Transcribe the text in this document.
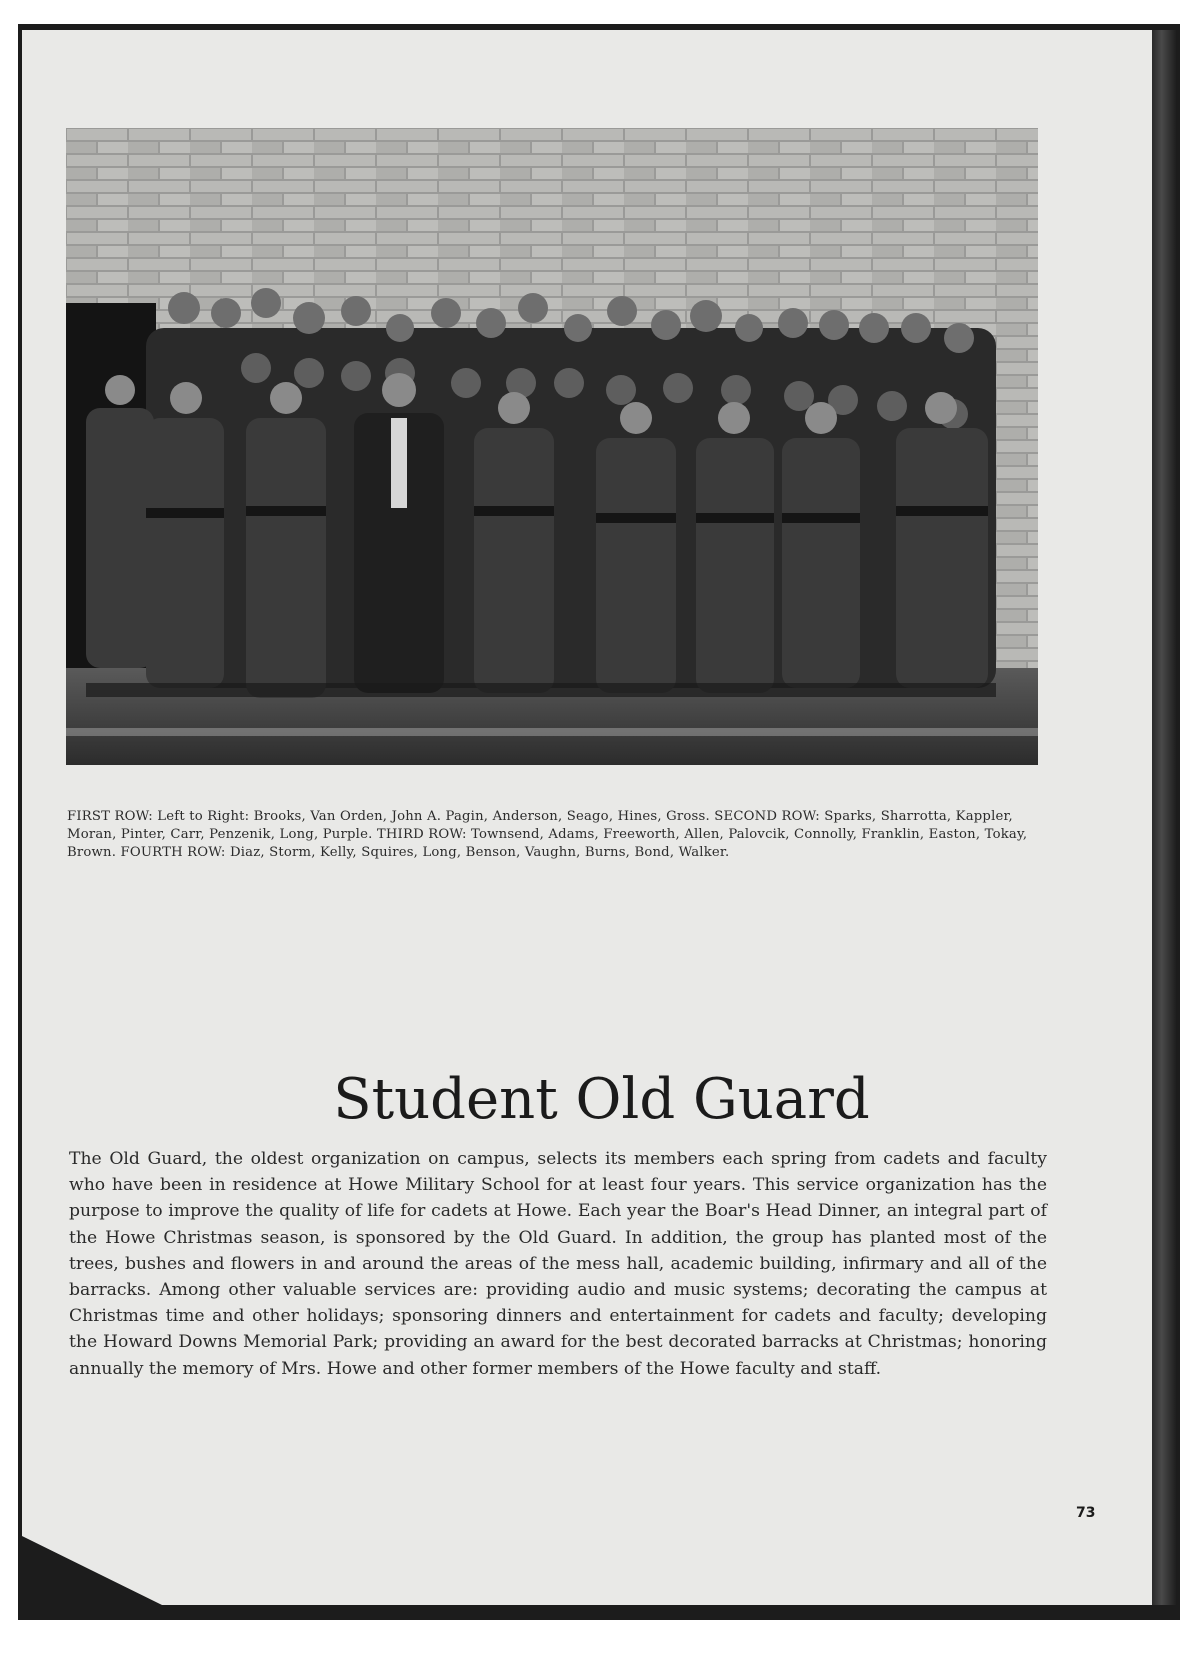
FIRST ROW: Left to Right: Brooks, Van Orden, John A. Pagin, Anderson, Seago, Hines, Gross. SECOND ROW: Sparks, Sharrotta, Kappler, Moran, Pinter, Carr, Penzenik, Long, Purple. THIRD ROW: Townsend, Adams, Freeworth, Allen, Palovcik, Connolly, Franklin, Easton, Tokay, Brown. FOURTH ROW: Diaz, Storm, Kelly, Squires, Long, Benson, Vaughn, Burns, Bond, Walker.
Student Old Guard
The Old Guard, the oldest organization on campus, selects its members each spring from cadets and faculty who have been in residence at Howe Military School for at least four years. This service organization has the purpose to improve the quality of life for cadets at Howe. Each year the Boar's Head Dinner, an integral part of the Howe Christmas season, is sponsored by the Old Guard. In addition, the group has planted most of the trees, bushes and flowers in and around the areas of the mess hall, academic building, infirmary and all of the barracks. Among other valuable services are: providing audio and music systems; decorating the campus at Christmas time and other holidays; sponsoring dinners and entertainment for cadets and faculty; developing the Howard Downs Memorial Park; providing an award for the best decorated barracks at Christmas; honoring annually the memory of Mrs. Howe and other former members of the Howe faculty and staff.
73
